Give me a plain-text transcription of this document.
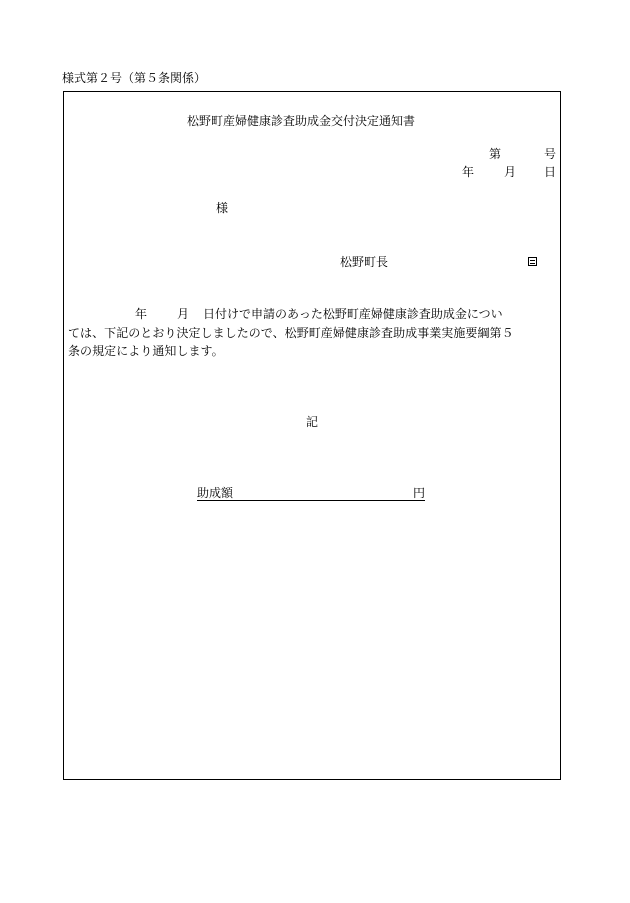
様式第２号（第５条関係）
松野町産婦健康診査助成金交付決定通知書
第	号
年 月 日
様
松野町長
年 月 日付けで申請のあった松野町産婦健康診査助成金につい
ては、下記のとおり決定しましたので、松野町産婦健康診査助成事業実施要綱第５
条の規定により通知します。
記
助成額	円
